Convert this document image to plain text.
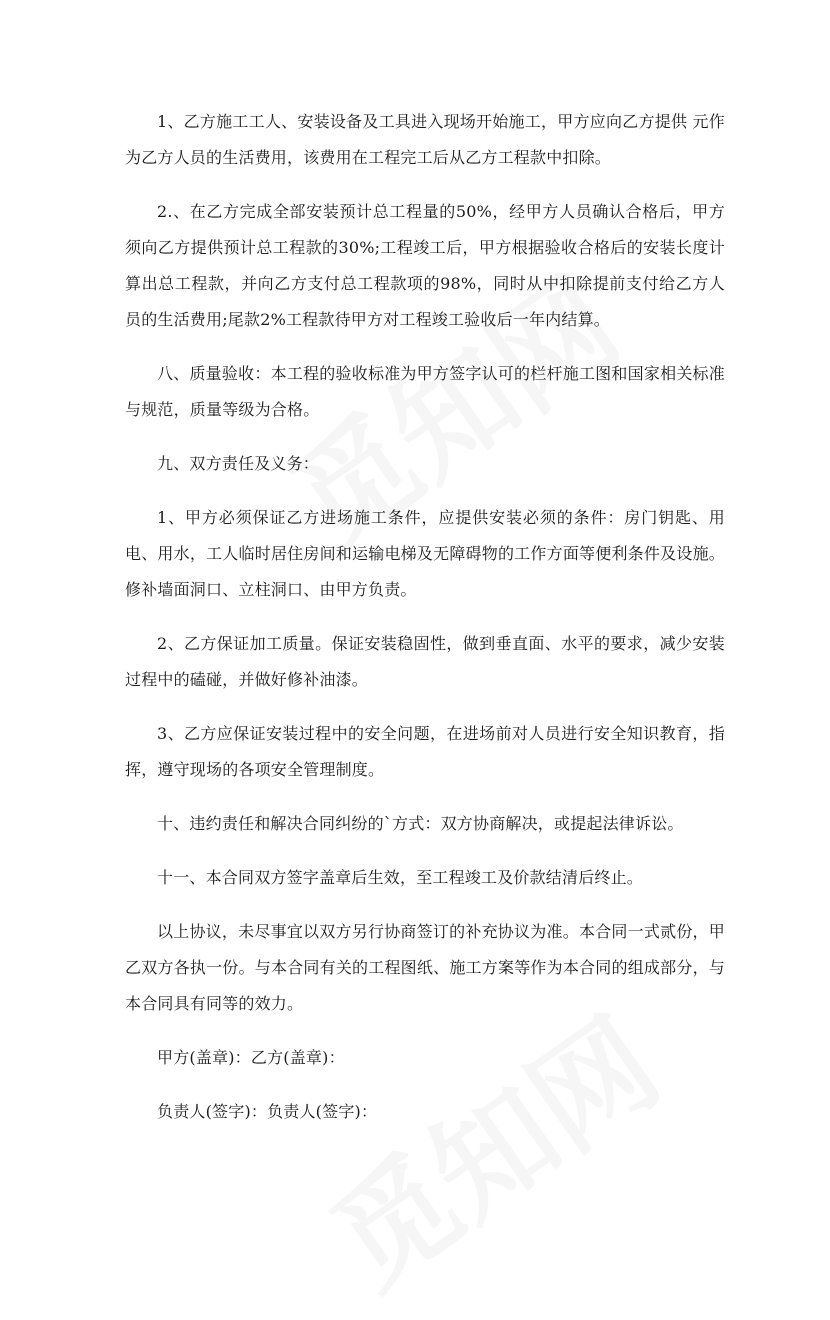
1、乙方施工工人、安装设备及工具进入现场开始施工，甲方应向乙方提供 元作为乙方人员的生活费用，该费用在工程完工后从乙方工程款中扣除。

2.、在乙方完成全部安装预计总工程量的50%，经甲方人员确认合格后，甲方须向乙方提供预计总工程款的30%;工程竣工后，甲方根据验收合格后的安装长度计算出总工程款，并向乙方支付总工程款项的98%，同时从中扣除提前支付给乙方人员的生活费用;尾款2%工程款待甲方对工程竣工验收后一年内结算。

八、质量验收：本工程的验收标准为甲方签字认可的栏杆施工图和国家相关标准与规范，质量等级为合格。

九、双方责任及义务：

1、甲方必须保证乙方进场施工条件，应提供安装必须的条件：房门钥匙、用电、用水，工人临时居住房间和运输电梯及无障碍物的工作方面等便利条件及设施。修补墙面洞口、立柱洞口、由甲方负责。

2、乙方保证加工质量。保证安装稳固性，做到垂直面、水平的要求，减少安装过程中的磕碰，并做好修补油漆。

3、乙方应保证安装过程中的安全问题，在进场前对人员进行安全知识教育，指挥，遵守现场的各项安全管理制度。

十、违约责任和解决合同纠纷的`方式：双方协商解决，或提起法律诉讼。

十一、本合同双方签字盖章后生效，至工程竣工及价款结清后终止。

以上协议，未尽事宜以双方另行协商签订的补充协议为准。本合同一式贰份，甲乙双方各执一份。与本合同有关的工程图纸、施工方案等作为本合同的组成部分，与本合同具有同等的效力。

甲方(盖章)：乙方(盖章)：

负责人(签字)：负责人(签字)：
